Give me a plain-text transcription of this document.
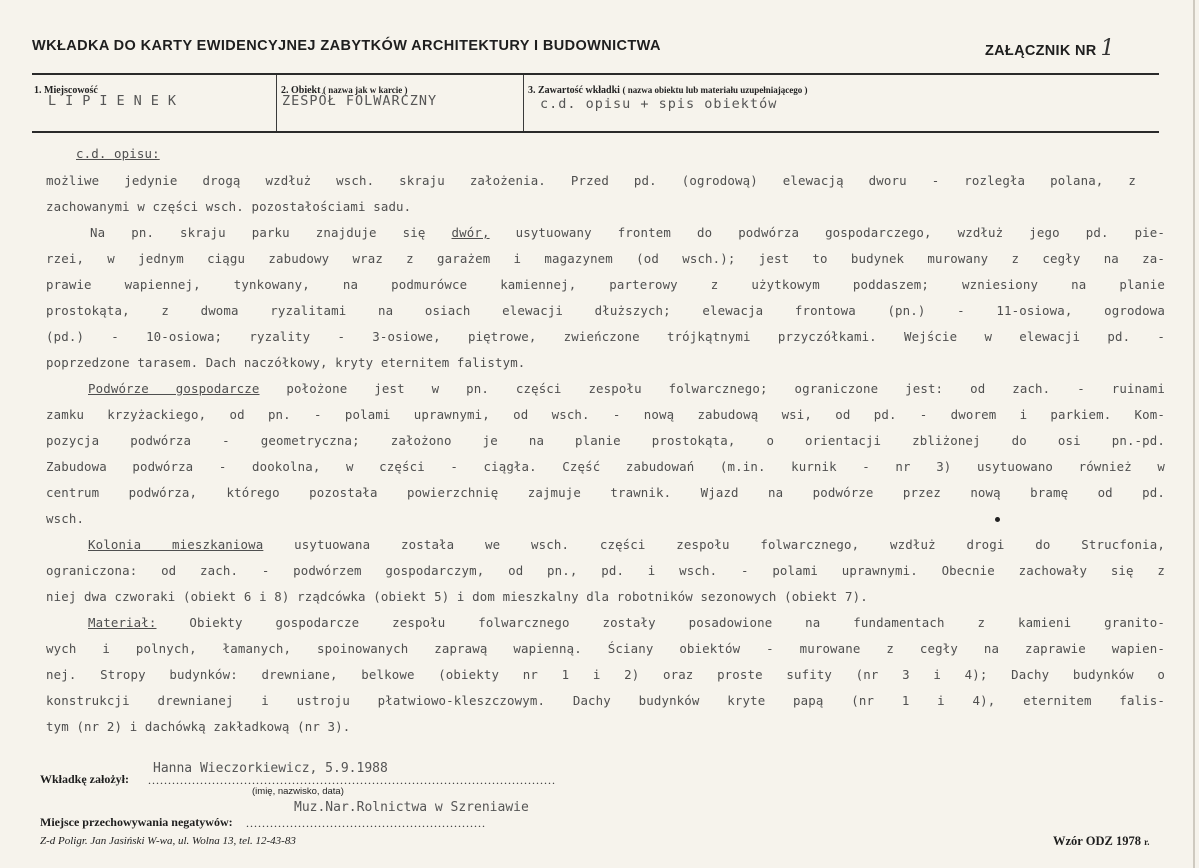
WKŁADKA DO KARTY EWIDENCYJNEJ ZABYTKÓW ARCHITEKTURY I BUDOWNICTWA	ZAŁĄCZNIK NR 1
1. Miejscowość	2. Obiekt ( nazwa jak w karcie )	3. Zawartość wkładki ( nazwa obiektu lub materiału uzupełniającego )
LIPIENEK	ZESPÓŁ FOLWARCZNY	c.d. opisu + spis obiektów
c.d. opisu:
możliwe jedynie drogą wzdłuż wsch. skraju założenia. Przed pd. (ogrodową) elewacją dworu - rozległa polana, z
zachowanymi w części wsch. pozostałościami sadu.
Na pn. skraju parku znajduje się dwór, usytuowany frontem do podwórza gospodarczego, wzdłuż jego pd. pie-
rzei, w jednym ciągu zabudowy wraz z garażem i magazynem (od wsch.); jest to budynek murowany z cegły na za-
prawie wapiennej, tynkowany, na podmurówce kamiennej, parterowy z użytkowym poddaszem; wzniesiony na planie
prostokąta, z dwoma ryzalitami na osiach elewacji dłuższych; elewacja frontowa (pn.) - 11-osiowa, ogrodowa
(pd.) - 10-osiowa; ryzality - 3-osiowe, piętrowe, zwieńczone trójkątnymi przyczółkami. Wejście w elewacji pd. -
poprzedzone tarasem. Dach naczółkowy, kryty eternitem falistym.
Podwórze gospodarcze położone jest w pn. części zespołu folwarcznego; ograniczone jest: od zach. - ruinami
zamku krzyżackiego, od pn. - polami uprawnymi, od wsch. - nową zabudową wsi, od pd. - dworem i parkiem. Kom-
pozycja podwórza - geometryczna; założono je na planie prostokąta, o orientacji zbliżonej do osi pn.-pd.
Zabudowa podwórza - dookolna, w części - ciągła. Część zabudowań (m.in. kurnik - nr 3) usytuowano również w
centrum podwórza, którego pozostała powierzchnię zajmuje trawnik. Wjazd na podwórze przez nową bramę od pd.
wsch.
Kolonia mieszkaniowa usytuowana została we wsch. części zespołu folwarcznego, wzdłuż drogi do Strucfonia,
ograniczona: od zach. - podwórzem gospodarczym, od pn., pd. i wsch. - polami uprawnymi. Obecnie zachowały się z
niej dwa czworaki (obiekt 6 i 8) rządcówka (obiekt 5) i dom mieszkalny dla robotników sezonowych (obiekt 7).
Materiał: Obiekty gospodarcze zespołu folwarcznego zostały posadowione na fundamentach z kamieni granito-
wych i polnych, łamanych, spoinowanych zaprawą wapienną. Ściany obiektów - murowane z cegły na zaprawie wapien-
nej. Stropy budynków: drewniane, belkowe (obiekty nr 1 i 2) oraz proste sufity (nr 3 i 4); Dachy budynków o
konstrukcji drewnianej i ustroju płatwiowo-kleszczowym. Dachy budynków kryte papą (nr 1 i 4), eternitem falis-
tym (nr 2) i dachówką zakładkową (nr 3).
Hanna Wieczorkiewicz, 5.9.1988
Wkładkę założył: ......................................................................................................
(imię, nazwisko, data)
Muz.Nar.Rolnictwa w Szreniawie
Miejsce przechowywania negatywów: ............................................................
Z-d Poligr. Jan Jasiński W-wa, ul. Wolna 13, tel. 12-43-83	Wzór ODZ 1978 r.
